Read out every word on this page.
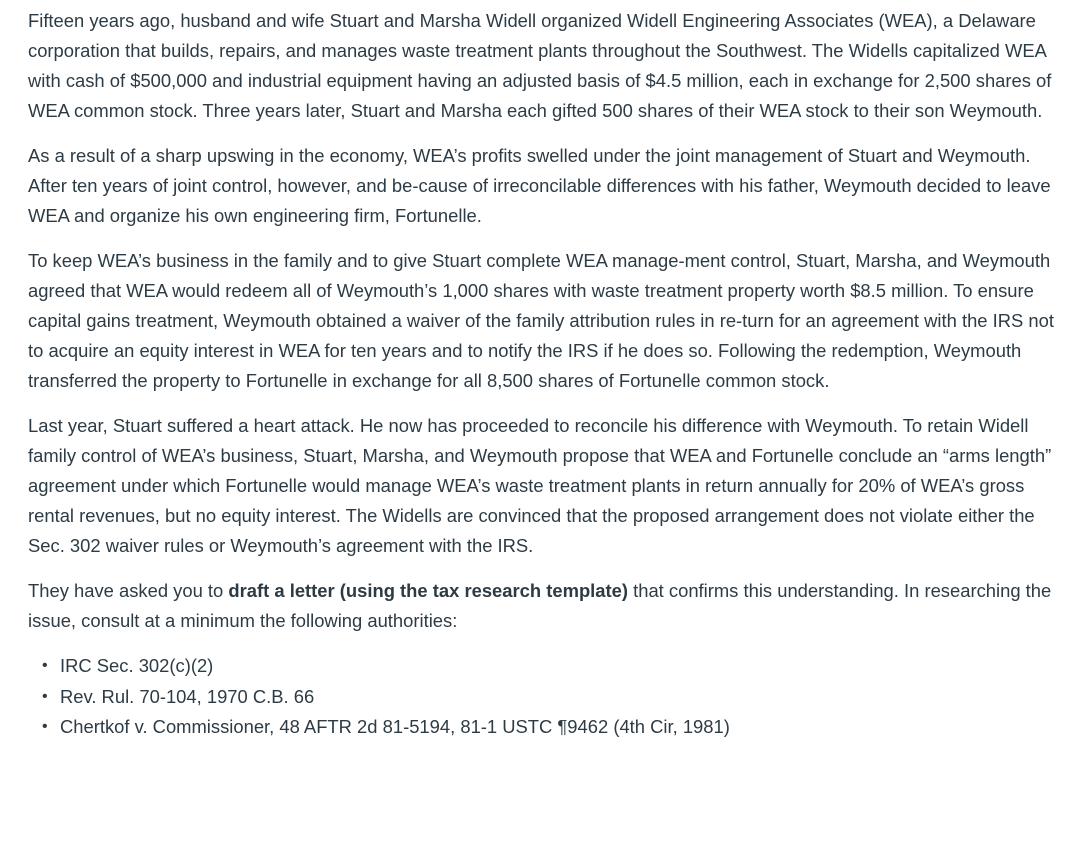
Fifteen years ago, husband and wife Stuart and Marsha Widell organized Widell Engineering Associates (WEA), a Delaware corporation that builds, repairs, and manages waste treatment plants throughout the Southwest. The Widells capitalized WEA with cash of $500,000 and industrial equipment having an adjusted basis of $4.5 million, each in exchange for 2,500 shares of WEA common stock. Three years later, Stuart and Marsha each gifted 500 shares of their WEA stock to their son Weymouth.

As a result of a sharp upswing in the economy, WEA’s profits swelled under the joint management of Stuart and Weymouth. After ten years of joint control, however, and be-cause of irreconcilable differences with his father, Weymouth decided to leave WEA and organize his own engineering firm, Fortunelle.

To keep WEA’s business in the family and to give Stuart complete WEA manage-ment control, Stuart, Marsha, and Weymouth agreed that WEA would redeem all of Weymouth’s 1,000 shares with waste treatment property worth $8.5 million. To ensure capital gains treatment, Weymouth obtained a waiver of the family attribution rules in re-turn for an agreement with the IRS not to acquire an equity interest in WEA for ten years and to notify the IRS if he does so. Following the redemption, Weymouth transferred the property to Fortunelle in exchange for all 8,500 shares of Fortunelle common stock.

Last year, Stuart suffered a heart attack. He now has proceeded to reconcile his difference with Weymouth. To retain Widell family control of WEA’s business, Stuart, Marsha, and Weymouth propose that WEA and Fortunelle conclude an “arms length” agreement under which Fortunelle would manage WEA’s waste treatment plants in return annually for 20% of WEA’s gross rental revenues, but no equity interest. The Widells are convinced that the proposed arrangement does not violate either the Sec. 302 waiver rules or Weymouth’s agreement with the IRS.

They have asked you to draft a letter (using the tax research template) that confirms this understanding. In researching the issue, consult at a minimum the following authorities:

• IRC Sec. 302(c)(2)
• Rev. Rul. 70-104, 1970 C.B. 66
• Chertkof v. Commissioner, 48 AFTR 2d 81-5194, 81-1 USTC ¶9462 (4th Cir, 1981)
